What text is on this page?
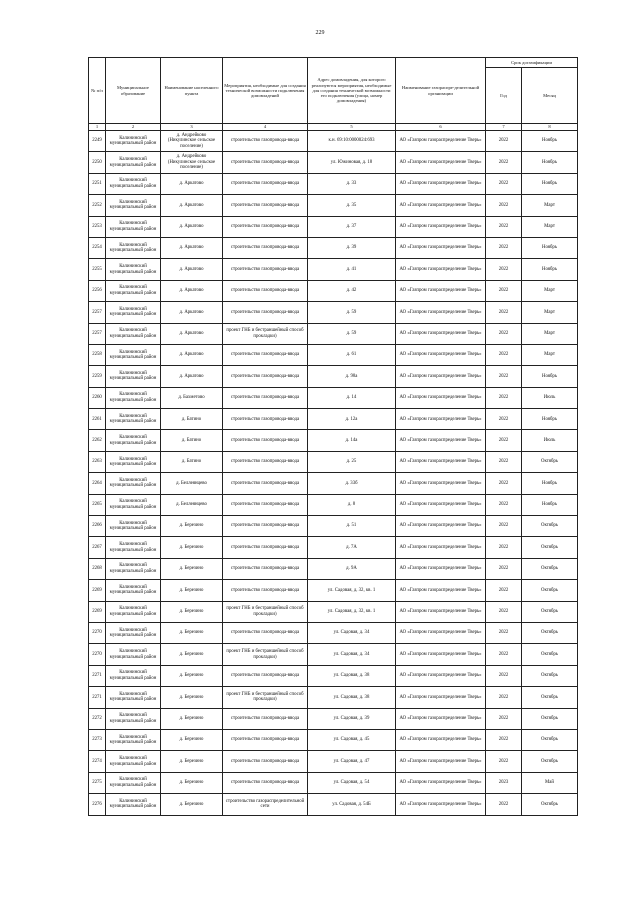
229
№ п/п	Муниципальное образование	Наименование населенного пункта	Мероприятия, необходимые для создания технической возможности подключения домовладений	Адрес домовладения, для которого реализуются мероприятия, необходимые для создания технической возможности его подключения (улица, номер домовладения)	Наименование газораспре-делительной организации	Срок догазификации	
						Год	Месяц
1	2	3	4	5	6	7	8
2249	Калининский муниципальный район	д. Андрейково (Никулинское сельское поселение)	строительство газопровода-ввода	к.н. 69:10:0000024:693	АО «Газпром газораспределение Тверь»	2022	Ноябрь
2250	Калининский муниципальный район	д. Андрейково (Никулинское сельское поселение)	строительство газопровода-ввода	ул. Южиновая, д. 18	АО «Газпром газораспределение Тверь»	2022	Ноябрь
2251	Калининский муниципальный район	д. Аркатово	строительство газопровода-ввода	д. 33	АО «Газпром газораспределение Тверь»	2022	Ноябрь
2252	Калининский муниципальный район	д. Аркатово	строительство газопровода-ввода	д. 35	АО «Газпром газораспределение Тверь»	2022	Март
2253	Калининский муниципальный район	д. Аркатово	строительство газопровода-ввода	д. 37	АО «Газпром газораспределение Тверь»	2022	Март
2254	Калининский муниципальный район	д. Аркатово	строительство газопровода-ввода	д. 39	АО «Газпром газораспределение Тверь»	2022	Ноябрь
2255	Калининский муниципальный район	д. Аркатово	строительство газопровода-ввода	д. 41	АО «Газпром газораспределение Тверь»	2022	Ноябрь
2256	Калининский муниципальный район	д. Аркатово	строительство газопровода-ввода	д. 42	АО «Газпром газораспределение Тверь»	2022	Март
2257	Калининский муниципальный район	д. Аркатово	строительство газопровода-ввода	д. 59	АО «Газпром газораспределение Тверь»	2022	Март
2257	Калининский муниципальный район	д. Аркатово	проект ГНБ и бестраншейный способ прокладки)	д. 59	АО «Газпром газораспределение Тверь»	2022	Март
2258	Калининский муниципальный район	д. Аркатово	строительство газопровода-ввода	д. 61	АО «Газпром газораспределение Тверь»	2022	Март
2259	Калининский муниципальный район	д. Аркатово	строительство газопровода-ввода	д. 98а	АО «Газпром газораспределение Тверь»	2022	Ноябрь
2260	Калининский муниципальный район	д. Бахметово	строительство газопровода-ввода	д. 14	АО «Газпром газораспределение Тверь»	2022	Июль
2261	Калининский муниципальный район	д. Батино	строительство газопровода-ввода	д. 12а	АО «Газпром газораспределение Тверь»	2022	Ноябрь
2262	Калининский муниципальный район	д. Батино	строительство газопровода-ввода	д. 14а	АО «Газпром газораспределение Тверь»	2022	Июль
2263	Калининский муниципальный район	д. Батино	строительство газопровода-ввода	д. 25	АО «Газпром газораспределение Тверь»	2022	Октябрь
2264	Калининский муниципальный район	д. Беллеянцево	строительство газопровода-ввода	д. 33б	АО «Газпром газораспределение Тверь»	2022	Ноябрь
2265	Калининский муниципальный район	д. Беллеянцево	строительство газопровода-ввода	д. 8	АО «Газпром газораспределение Тверь»	2022	Ноябрь
2266	Калининский муниципальный район	д. Березино	строительство газопровода-ввода	д. 51	АО «Газпром газораспределение Тверь»	2022	Октябрь
2267	Калининский муниципальный район	д. Березино	строительство газопровода-ввода	д. 7А	АО «Газпром газораспределение Тверь»	2022	Октябрь
2268	Калининский муниципальный район	д. Березино	строительство газопровода-ввода	д. 9А	АО «Газпром газораспределение Тверь»	2022	Октябрь
2269	Калининский муниципальный район	д. Березино	строительство газопровода-ввода	ул. Садовая, д. 32, кв. 1	АО «Газпром газораспределение Тверь»	2022	Октябрь
2269	Калининский муниципальный район	д. Березино	проект ГНБ и бестраншейный способ прокладки)	ул. Садовая, д. 32, кв. 1	АО «Газпром газораспределение Тверь»	2022	Октябрь
2270	Калининский муниципальный район	д. Березино	строительство газопровода-ввода	ул. Садовая, д. 34	АО «Газпром газораспределение Тверь»	2022	Октябрь
2270	Калининский муниципальный район	д. Березино	проект ГНБ и бестраншейный способ прокладки)	ул. Садовая, д. 34	АО «Газпром газораспределение Тверь»	2022	Октябрь
2271	Калининский муниципальный район	д. Березино	строительство газопровода-ввода	ул. Садовая, д. 38	АО «Газпром газораспределение Тверь»	2022	Октябрь
2271	Калининский муниципальный район	д. Березино	проект ГНБ и бестраншейный способ прокладки)	ул. Садовая, д. 38	АО «Газпром газораспределение Тверь»	2022	Октябрь
2272	Калининский муниципальный район	д. Березино	строительство газопровода-ввода	ул. Садовая, д. 39	АО «Газпром газораспределение Тверь»	2022	Октябрь
2273	Калининский муниципальный район	д. Березино	строительство газопровода-ввода	ул. Садовая, д. 45	АО «Газпром газораспределение Тверь»	2022	Октябрь
2274	Калининский муниципальный район	д. Березино	строительство газопровода-ввода	ул. Садовая, д. 47	АО «Газпром газораспределение Тверь»	2022	Октябрь
2275	Калининский муниципальный район	д. Березино	строительство газопровода-ввода	ул. Садовая, д. 54	АО «Газпром газораспределение Тверь»	2023	Май
2276	Калининский муниципальный район	д. Березино	строительство газораспределительной сети	ул. Садовая, д. 54Б	АО «Газпром газораспределение Тверь»	2022	Октябрь
